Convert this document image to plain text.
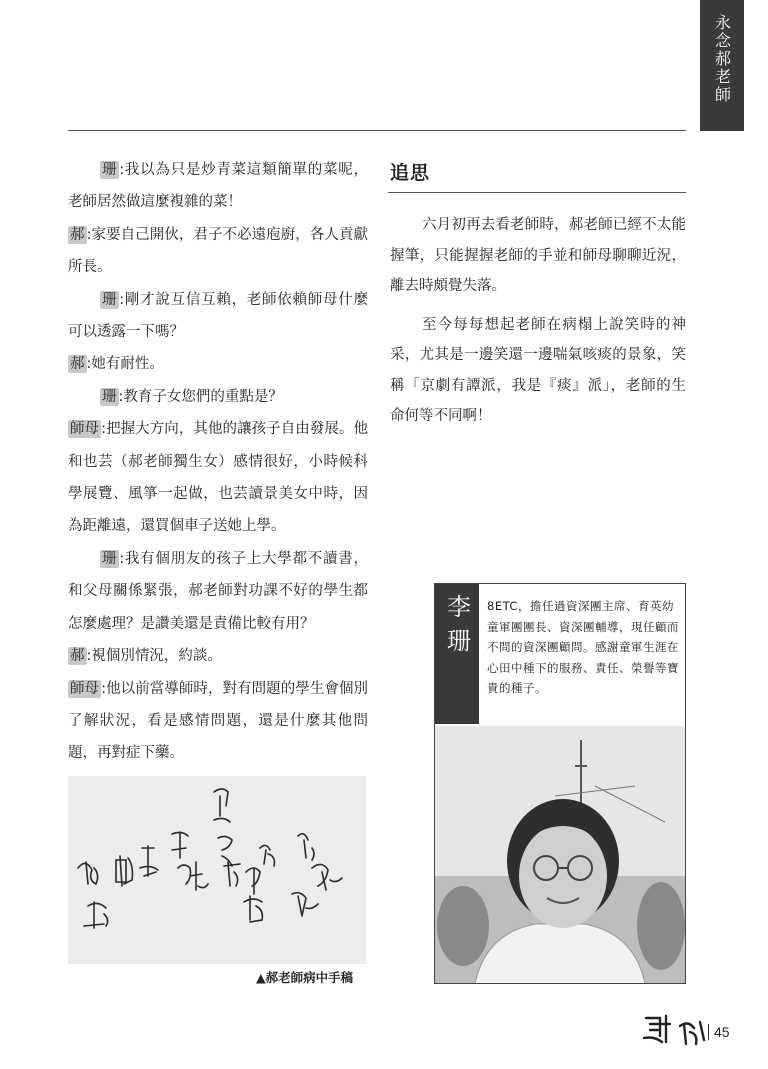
永念郝老師

珊 :我以為只是炒青菜這類簡單的菜呢，老師居然做這麼複雜的菜！

郝 :家要自己開伙，君子不必遠庖廚，各人貢獻所長。

珊 :剛才說互信互賴，老師依賴師母什麼可以透露一下嗎？

郝 :她有耐性。

珊 :教育子女您們的重點是？

師母 :把握大方向，其他的讓孩子自由發展。他和也芸（郝老師獨生女）感情很好，小時候科學展覽、風箏一起做，也芸讀景美女中時，因為距離遠，還買個車子送她上學。

珊 :我有個朋友的孩子上大學都不讀書，和父母關係緊張，郝老師對功課不好的學生都怎麼處理？是讚美還是責備比較有用？

郝 :視個別情況，約談。

師母 :他以前當導師時，對有問題的學生會個別了解狀況，看是感情問題，還是什麼其他問題，再對症下藥。

追思

六月初再去看老師時，郝老師已經不太能握筆，只能握握老師的手並和師母聊聊近況，離去時頗覺失落。

至今每每想起老師在病榻上說笑時的神采，尤其是一邊笑還一邊喘氣咳痰的景象，笑稱「京劇有譚派，我是『痰』派」，老師的生命何等不同啊！

▲郝老師病中手稿
李珊	8ETC，擔任過資深團主席、育英幼童軍團團長、資深團輔導，現任顧而不問的資深團顧問。感謝童軍生涯在心田中種下的服務、責任、榮譽等寶貴的種子。
45
